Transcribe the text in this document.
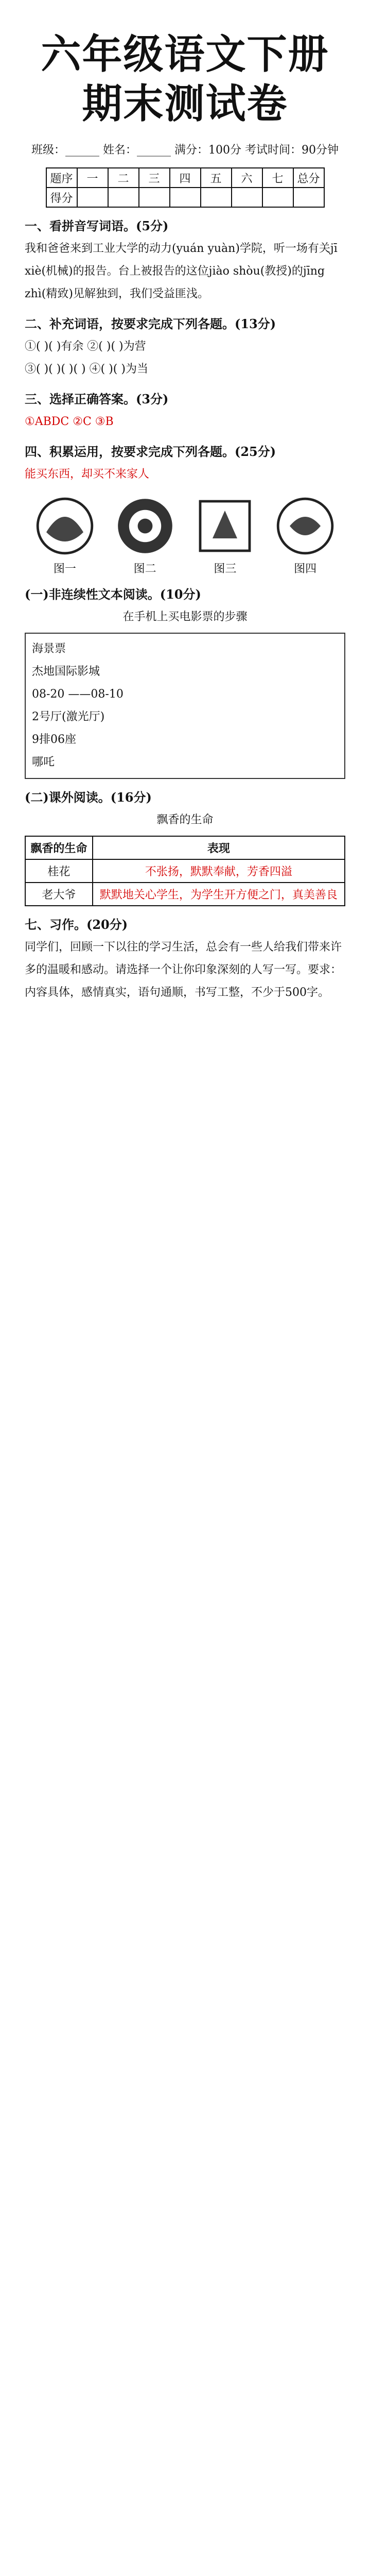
六年级语文下册期末测试卷
班级：______ 姓名：______ 满分：100分 考试时间：90分钟
题序	一	二	三	四	五	六	七	总分
得分								
一、看拼音写词语。(5分)

我和爸爸来到工业大学的动力(yuán yuàn)学院，听一场有关jī xiè(机械)的报告。台上被报告的这位jiào shòu(教授)的jīng zhì(精致)见解独到，我们受益匪浅。

二、补充词语，按要求完成下列各题。(13分)

①( )( )有余 ②( )( )为营

③( )( )( )( ) ④( )( )为当

三、选择正确答案。(3分)

①ABDC ②C ③B

四、积累运用，按要求完成下列各题。(25分)

能买东西，却买不来家人

图一	图二	图三	图四
(一)非连续性文本阅读。(10分)

在手机上买电影票的步骤

海景票

杰地国际影城

08-20 ——08-10

2号厅(激光厅)

9排06座

哪吒

(二)课外阅读。(16分)

飘香的生命

飘香的生命	表现
桂花	不张扬，默默奉献，芳香四溢
老大爷	默默地关心学生，为学生开方便之门，真美善良
七、习作。(20分)

同学们，回顾一下以往的学习生活，总会有一些人给我们带来许多的温暖和感动。请选择一个让你印象深刻的人写一写。要求：内容具体，感情真实，语句通顺，书写工整，不少于500字。
